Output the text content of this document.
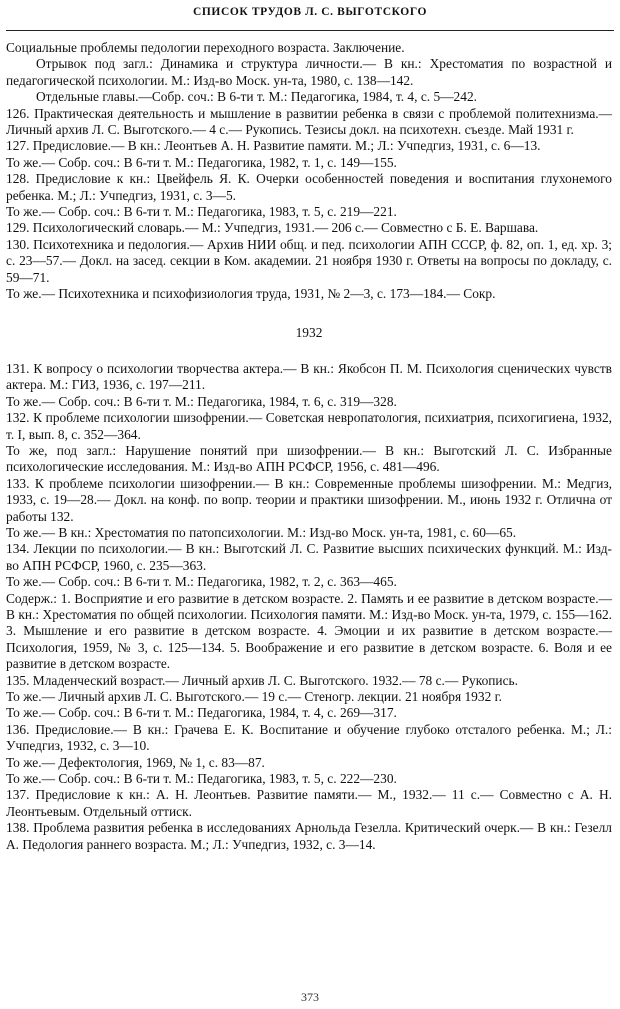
СПИСОК ТРУДОВ Л. С. ВЫГОТСКОГО

Социальные проблемы педологии переходного возраста. Заключение.

Отрывок под загл.: Динамика и структура личности.— В кн.: Хрестоматия по возрастной и педагогической психологии. М.: Изд-во Моск. ун-та, 1980, с. 138—142.

Отдельные главы.—Собр. соч.: В 6-ти т. М.: Педагогика, 1984, т. 4, с. 5—242.

126. Практическая деятельность и мышление в развитии ребенка в связи с проблемой политехнизма.— Личный архив Л. С. Выготского.— 4 с.— Рукопись. Тезисы докл. на психотехн. съезде. Май 1931 г.

127. Предисловие.— В кн.: Леонтьев А. Н. Развитие памяти. М.; Л.: Учпедгиз, 1931, с. 6—13.

То же.— Собр. соч.: В 6-ти т. М.: Педагогика, 1982, т. 1, с. 149—155.

128. Предисловие к кн.: Цвейфель Я. К. Очерки особенностей поведения и воспитания глухонемого ребенка. М.; Л.: Учпедгиз, 1931, с. 3—5.

То же.— Собр. соч.: В 6-ти т. М.: Педагогика, 1983, т. 5, с. 219—221.

129. Психологический словарь.— М.: Учпедгиз, 1931.— 206 с.— Совместно с Б. Е. Варшава.

130. Психотехника и педология.— Архив НИИ общ. и пед. психологии АПН СССР, ф. 82, оп. 1, ед. хр. 3; с. 23—57.— Докл. на засед. секции в Ком. академии. 21 ноября 1930 г. Ответы на вопросы по докладу, с. 59—71.

То же.— Психотехника и психофизиология труда, 1931, № 2—3, с. 173—184.— Сокр.

1932

131. К вопросу о психологии творчества актера.— В кн.: Якобсон П. М. Психология сценических чувств актера. М.: ГИЗ, 1936, с. 197—211.

То же.— Собр. соч.: В 6-ти т. М.: Педагогика, 1984, т. 6, с. 319—328.

132. К проблеме психологии шизофрении.— Советская невропатология, психиатрия, психогигиена, 1932, т. I, вып. 8, с. 352—364.

То же, под загл.: Нарушение понятий при шизофрении.— В кн.: Выготский Л. С. Избранные психологические исследования. М.: Изд-во АПН РСФСР, 1956, с. 481—496.

133. К проблеме психологии шизофрении.— В кн.: Современные проблемы шизофрении. М.: Медгиз, 1933, с. 19—28.— Докл. на конф. по вопр. теории и практики шизофрении. М., июнь 1932 г. Отлична от работы 132.

То же.— В кн.: Хрестоматия по патопсихологии. М.: Изд-во Моск. ун-та, 1981, с. 60—65.

134. Лекции по психологии.— В кн.: Выготский Л. С. Развитие высших психических функций. М.: Изд-во АПН РСФСР, 1960, с. 235—363.

То же.— Собр. соч.: В 6-ти т. М.: Педагогика, 1982, т. 2, с. 363—465.

Содерж.: 1. Восприятие и его развитие в детском возрасте. 2. Память и ее развитие в детском возрасте.— В кн.: Хрестоматия по общей психологии. Психология памяти. М.: Изд-во Моск. ун-та, 1979, с. 155—162. 3. Мышление и его развитие в детском возрасте. 4. Эмоции и их развитие в детском возрасте.— Психология, 1959, № 3, с. 125—134. 5. Воображение и его развитие в детском возрасте. 6. Воля и ее развитие в детском возрасте.

135. Младенческий возраст.— Личный архив Л. С. Выготского. 1932.— 78 с.— Рукопись.

То же.— Личный архив Л. С. Выготского.— 19 с.— Стеногр. лекции. 21 ноября 1932 г.

То же.— Собр. соч.: В 6-ти т. М.: Педагогика, 1984, т. 4, с. 269—317.

136. Предисловие.— В кн.: Грачева Е. К. Воспитание и обучение глубоко отсталого ребенка. М.; Л.: Учпедгиз, 1932, с. 3—10.

То же.— Дефектология, 1969, № 1, с. 83—87.

То же.— Собр. соч.: В 6-ти т. М.: Педагогика, 1983, т. 5, с. 222—230.

137. Предисловие к кн.: А. Н. Леонтьев. Развитие памяти.— М., 1932.— 11 с.— Совместно с А. Н. Леонтьевым. Отдельный оттиск.

138. Проблема развития ребенка в исследованиях Арнольда Гезелла. Критический очерк.— В кн.: Гезелл А. Педология раннего возраста. М.; Л.: Учпедгиз, 1932, с. 3—14.

373
